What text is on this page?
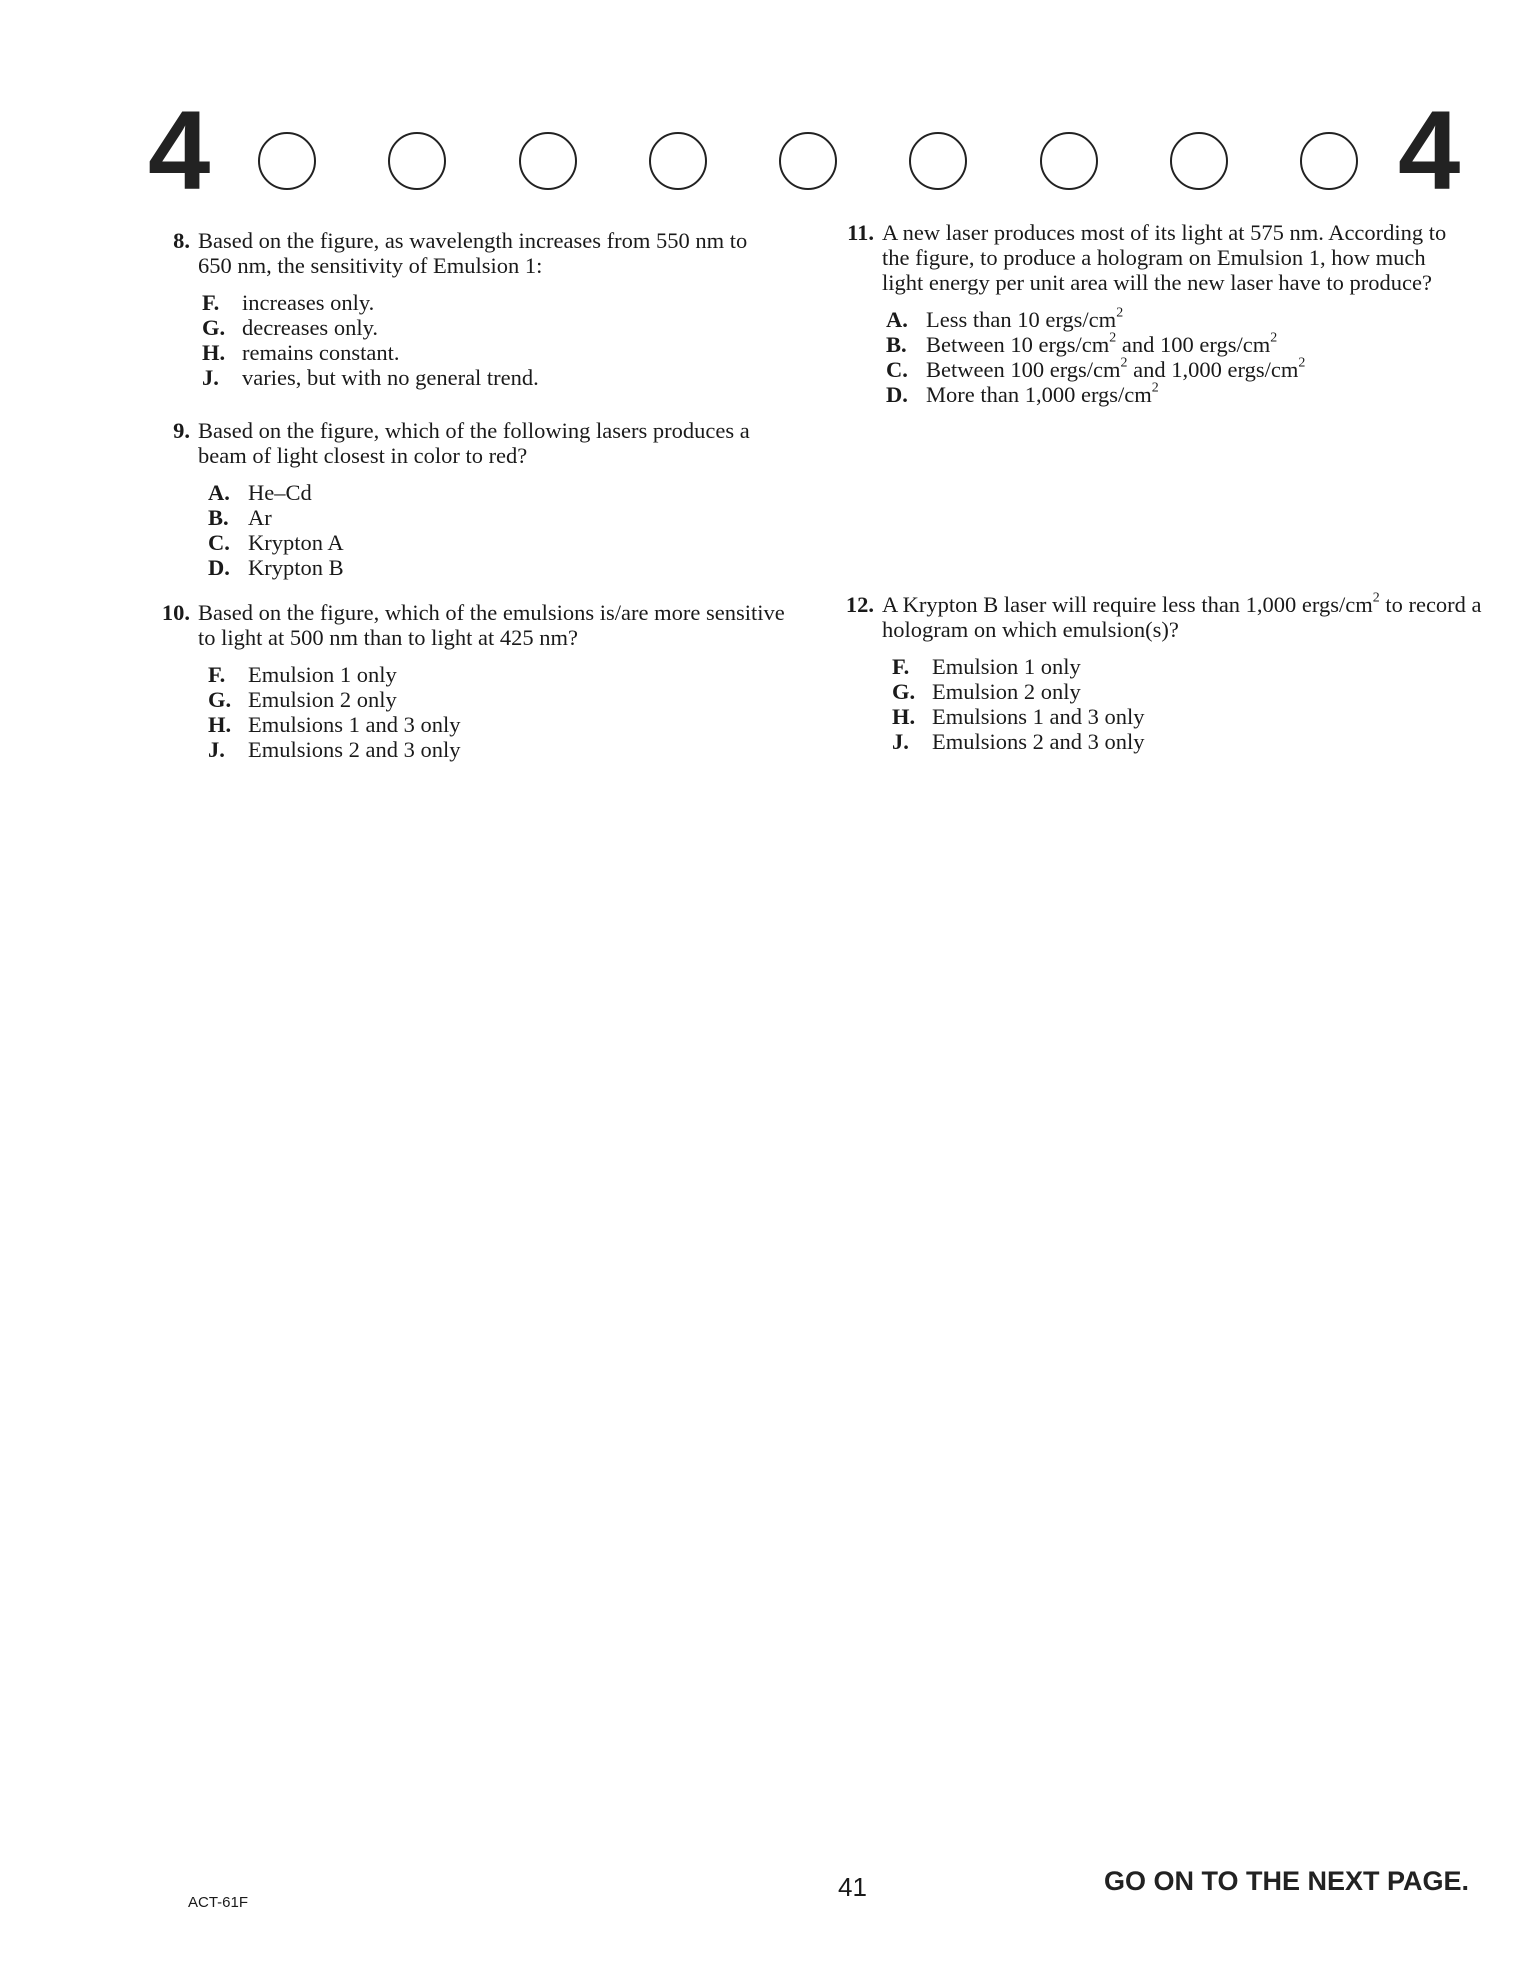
4	4
8. Based on the figure, as wavelength increases from 550 nm to 650 nm, the sensitivity of Emulsion 1:
F.	increases only.
G. decreases only.
H. remains constant.
J.	varies, but with no general trend.
9. Based on the figure, which of the following lasers produces a beam of light closest in color to red?
A. He–Cd
B. Ar
C. Krypton A
D. Krypton B
10. Based on the figure, which of the emulsions is/are more sensitive to light at 500 nm than to light at 425 nm?
F.	Emulsion 1 only
G. Emulsion 2 only
H. Emulsions 1 and 3 only
J.	Emulsions 2 and 3 only
11. A new laser produces most of its light at 575 nm. According to the figure, to produce a hologram on Emulsion 1, how much light energy per unit area will the new laser have to produce?
A. Less than 10 ergs/$cm^2$
B. Between 10 ergs/$cm^2$ and 100 ergs/$cm^2$
C. Between 100 ergs/$cm^2$ and 1,000 ergs/$cm^2$
D. More than 1,000 ergs/$cm^2$
12. A Krypton B laser will require less than 1,000 ergs/$cm^2$ to record a hologram on which emulsion(s)?
F.	Emulsion 1 only
G. Emulsion 2 only
H. Emulsions 1 and 3 only
J.	Emulsions 2 and 3 only
ACT-61F
41	GO ON TO THE NEXT PAGE.
